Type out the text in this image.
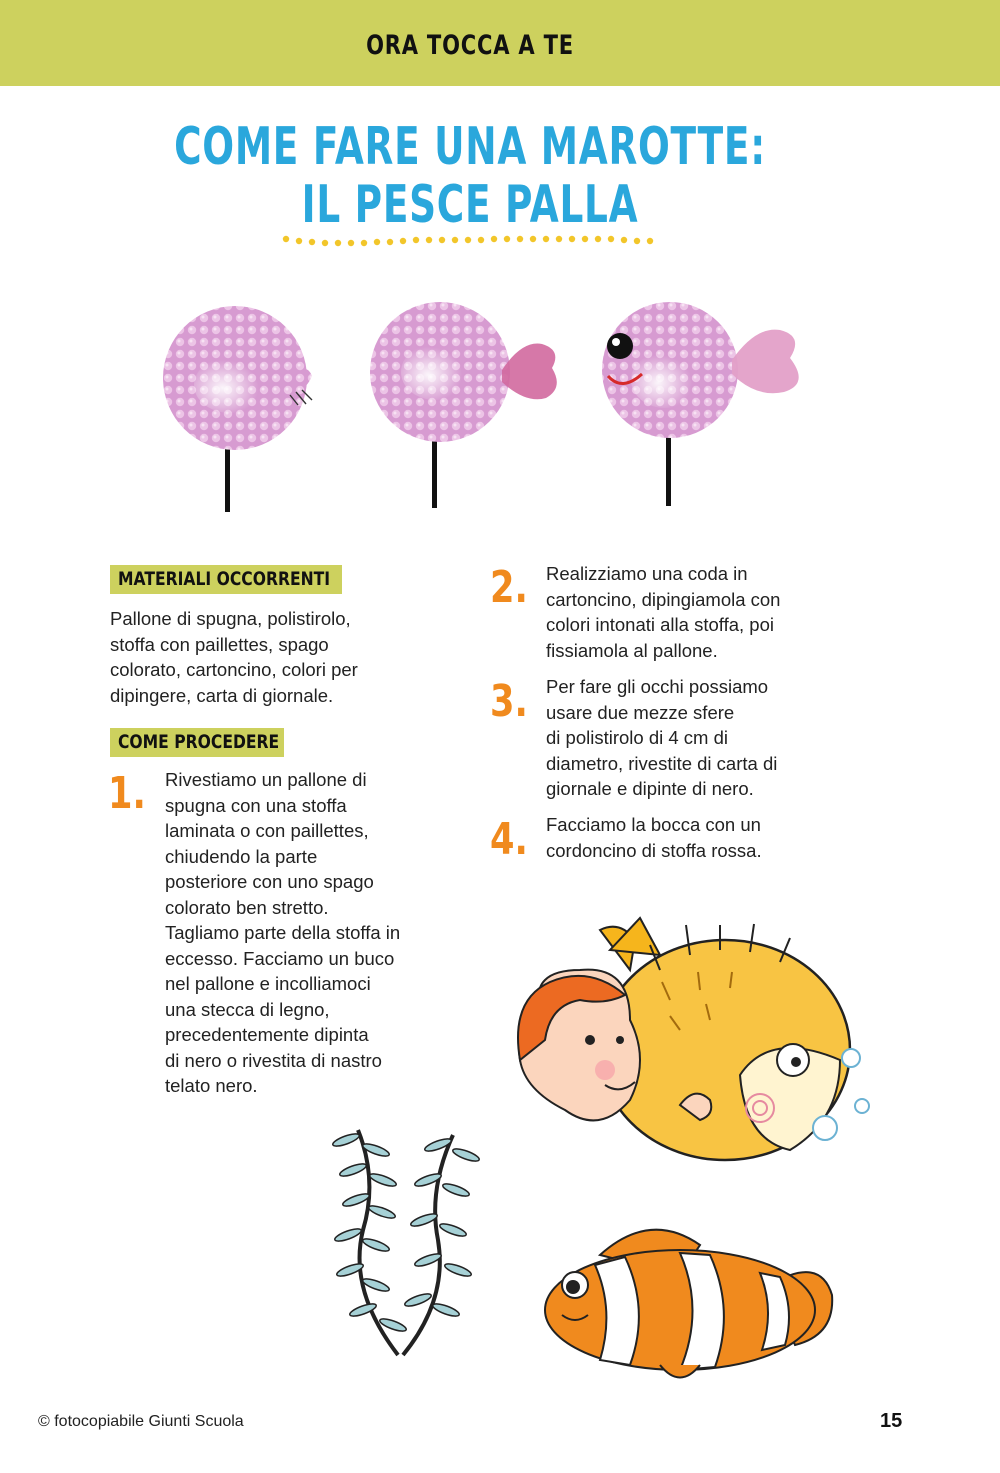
ORA TOCCA A TE
COME FARE UNA MAROTTE:
IL PESCE PALLA
MATERIALI OCCORRENTI

Pallone di spugna, polistirolo,
stoffa con paillettes, spago
colorato, cartoncino, colori per
dipingere, carta di giornale.

COME PROCEDERE
1. Rivestiamo un pallone di
spugna con una stoffa
laminata o con paillettes,
chiudendo la parte
posteriore con uno spago
colorato ben stretto.
Tagliamo parte della stoffa in
eccesso. Facciamo un buco
nel pallone e incolliamoci
una stecca di legno,
precedentemente dipinta
di nero o rivestita di nastro
telato nero.

2. Realizziamo una coda in
cartoncino, dipingiamola con
colori intonati alla stoffa, poi
fissiamola al pallone.

3. Per fare gli occhi possiamo
usare due mezze sfere
di polistirolo di 4 cm di
diametro, rivestite di carta di
giornale e dipinte di nero.

4. Facciamo la bocca con un
cordoncino di stoffa rossa.

© fotocopiabile Giunti Scuola	15
